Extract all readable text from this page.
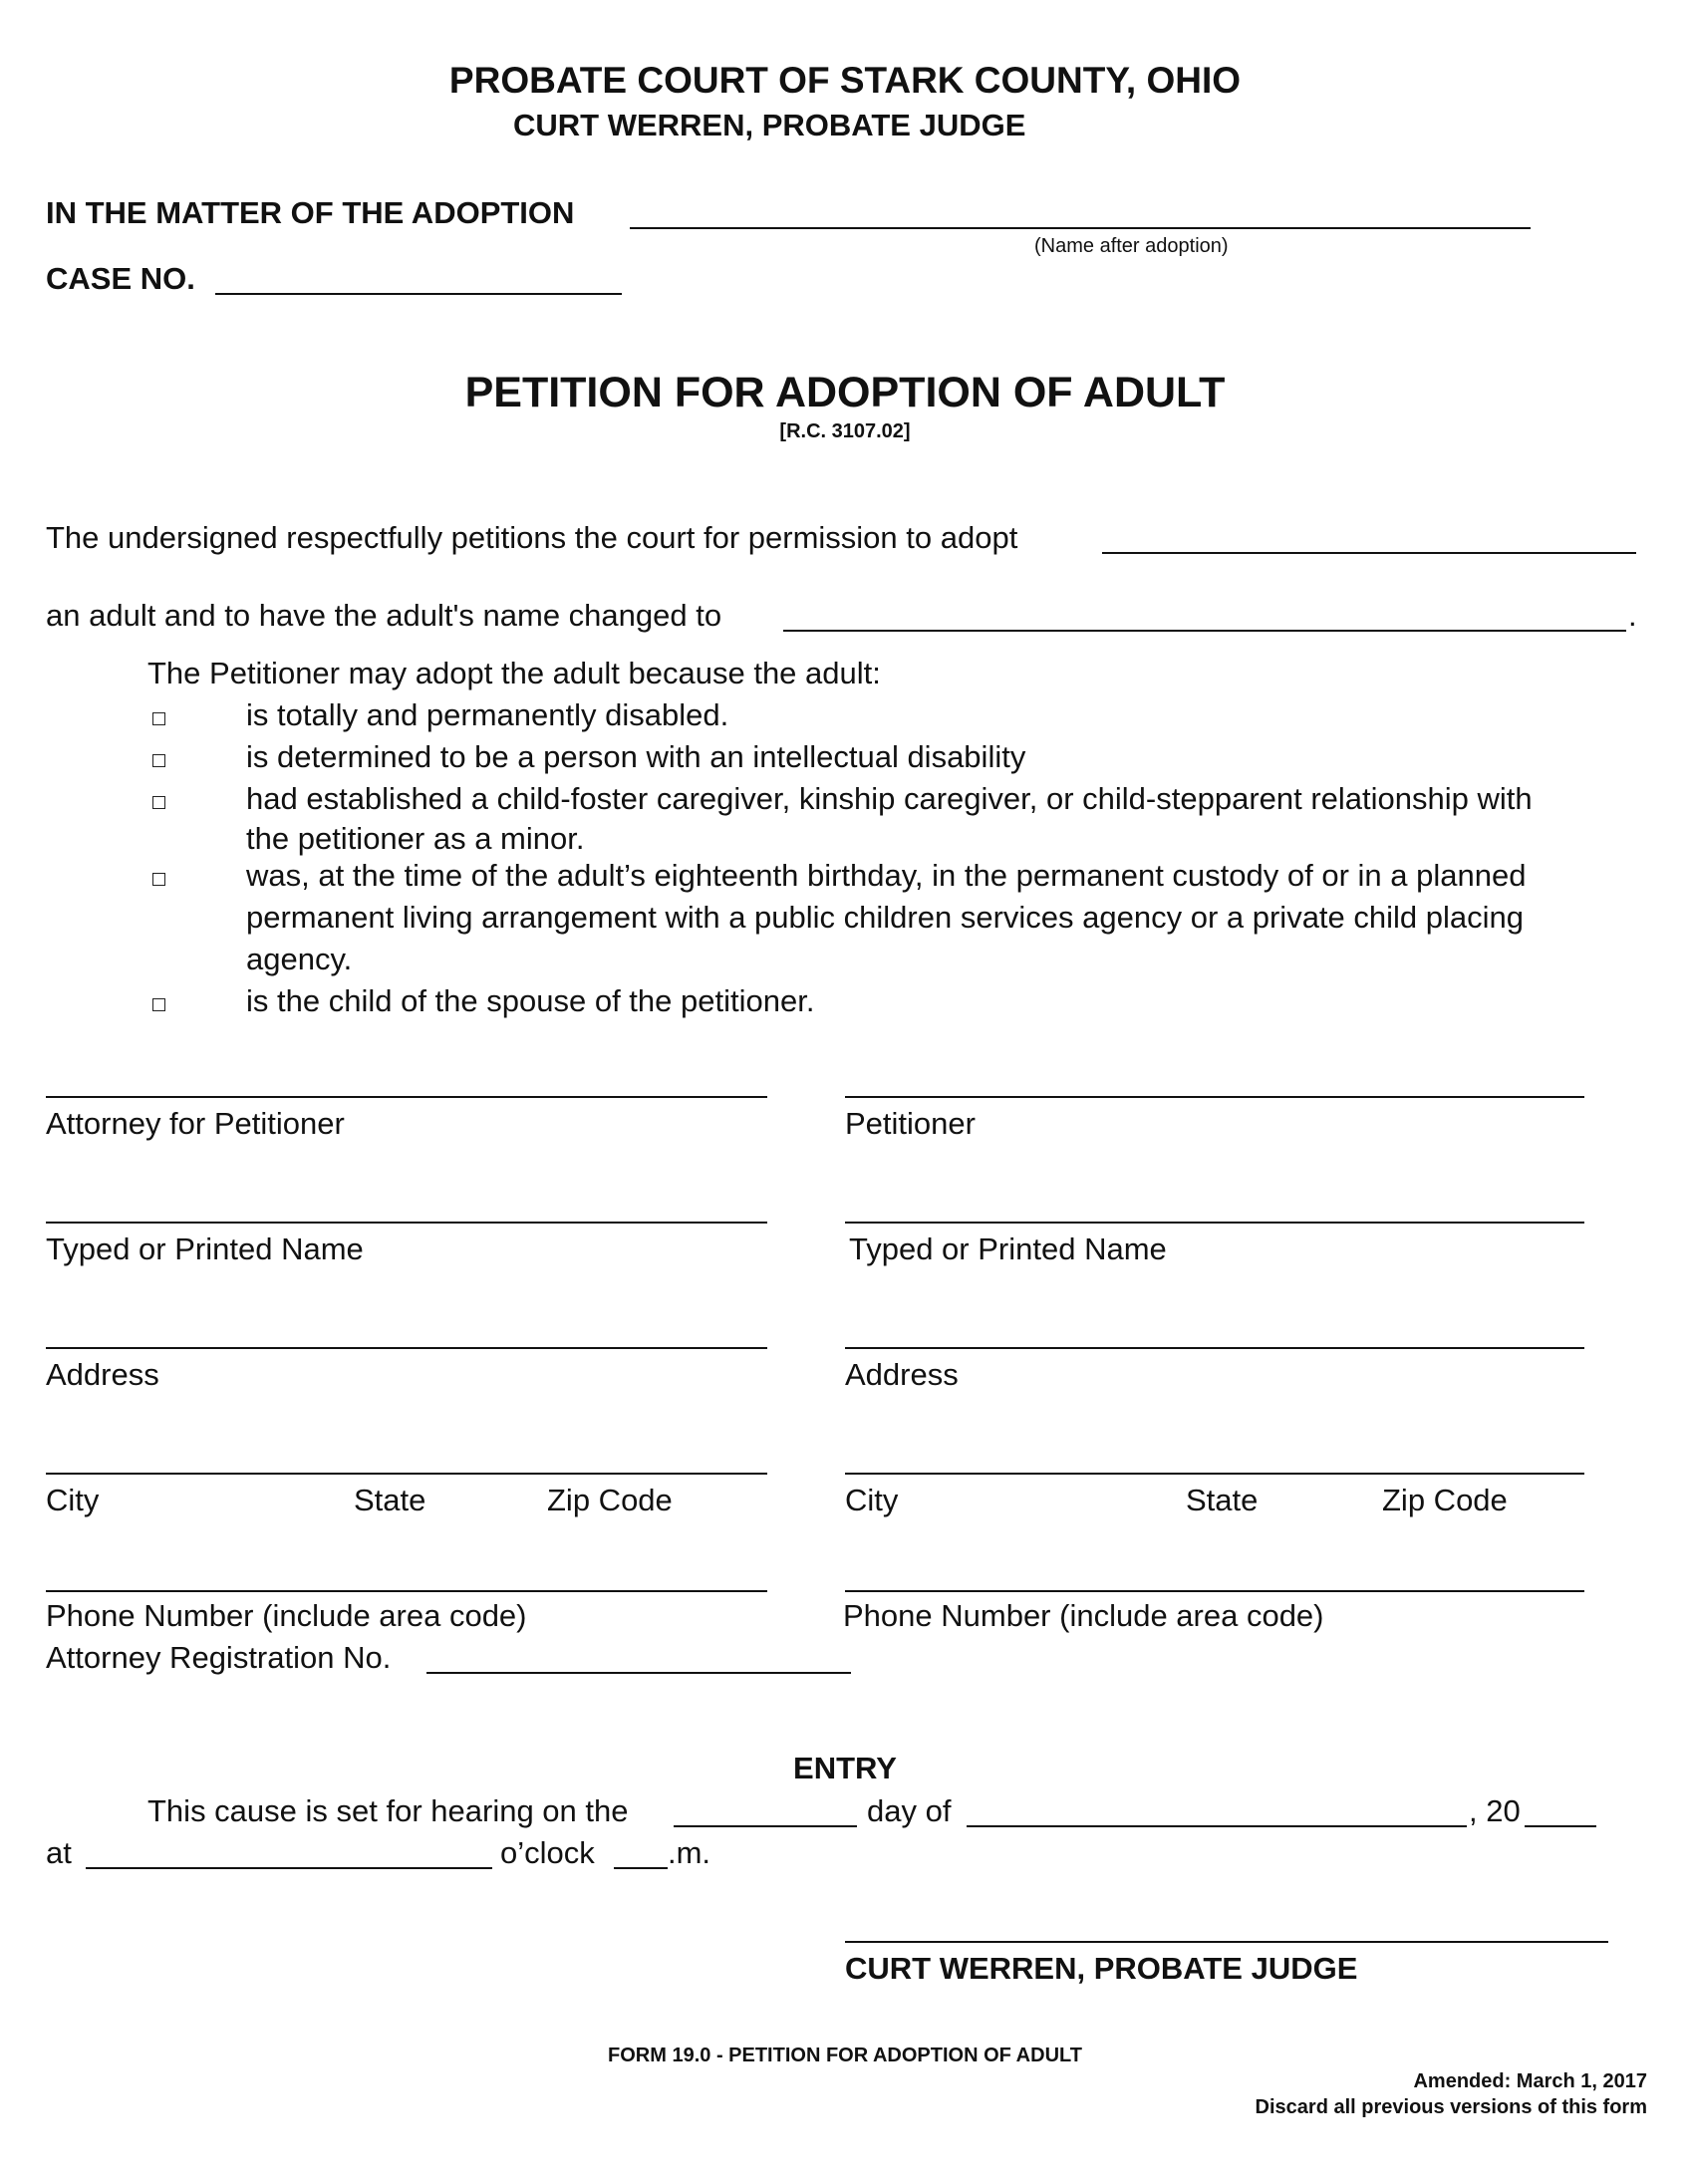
PROBATE COURT OF STARK COUNTY, OHIO
CURT WERREN, PROBATE JUDGE
IN THE MATTER OF THE ADOPTION
(Name after adoption)
CASE NO.
PETITION FOR ADOPTION OF ADULT
[R.C. 3107.02]
The undersigned respectfully petitions the court for permission to adopt
an adult and to have the adult's name changed to	.
The Petitioner may adopt the adult because the adult:
is totally and permanently disabled.
is determined to be a person with an intellectual disability
had established a child-foster caregiver, kinship caregiver, or child-stepparent relationship with
the petitioner as a minor.
was, at the time of the adult’s eighteenth birthday, in the permanent custody of or in a planned
permanent living arrangement with a public children services agency or a private child placing
agency.
is the child of the spouse of the petitioner.
Attorney for Petitioner
Typed or Printed Name
Address
City	State	Zip Code
Phone Number (include area code)
Attorney Registration No.
Petitioner
Typed or Printed Name
Address
City	State	Zip Code
Phone Number (include area code)
ENTRY
This cause is set for hearing on the	day of	, 20
at	o’clock .m.
CURT WERREN, PROBATE JUDGE
FORM 19.0 - PETITION FOR ADOPTION OF ADULT
Amended: March 1, 2017
Discard all previous versions of this form
